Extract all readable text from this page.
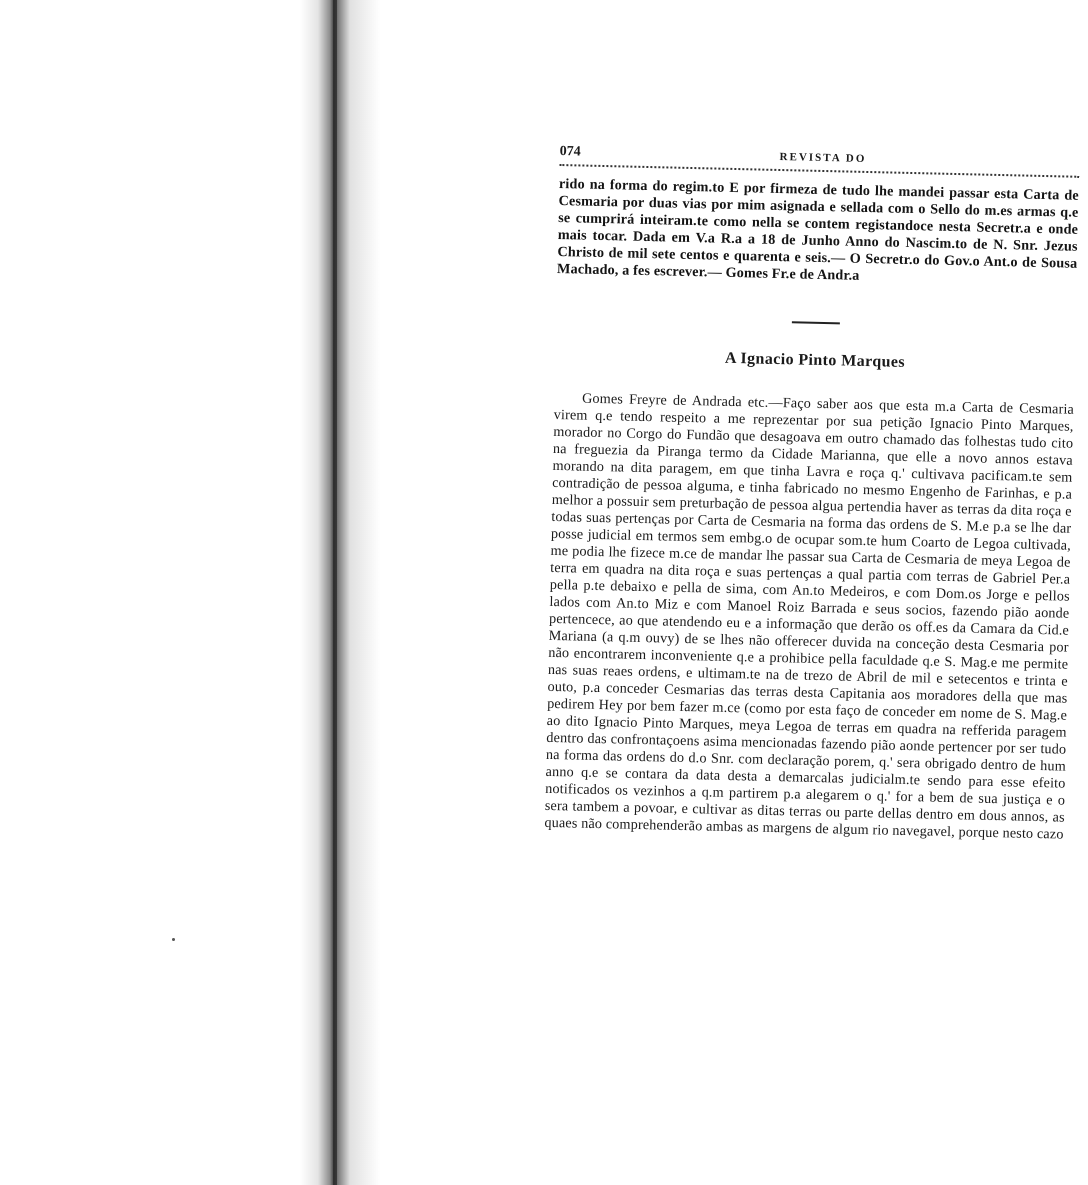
074	REVISTA DO

rido na forma do regim.to E por firmeza de tudo lhe mandei passar esta Carta de Cesmaria por duas vias por mim asignada e sellada com o Sello do m.es armas q.e se cumprirá inteiram.te como nella se contem registandoce nesta Secretr.a e onde mais tocar. Dada em V.a R.a a 18 de Junho Anno do Nascim.to de N. Snr. Jezus Christo de mil sete centos e quarenta e seis.— O Secretr.o do Gov.o Ant.o de Sousa Machado, a fes escrever.— Gomes Fr.e de Andr.a

A Ignacio Pinto Marques

Gomes Freyre de Andrada etc.—Faço saber aos que esta m.a Carta de Cesmaria virem q.e tendo respeito a me reprezentar por sua petição Ignacio Pinto Marques, morador no Corgo do Fundão que desagoava em outro chamado das folhestas tudo cito na freguezia da Piranga termo da Cidade Marianna, que elle a novo annos estava morando na dita paragem, em que tinha Lavra e roça q.' cultivava pacificam.te sem contradição de pessoa alguma, e tinha fabricado no mesmo Engenho de Farinhas, e p.a melhor a possuir sem preturbação de pessoa algua pertendia haver as terras da dita roça e todas suas pertenças por Carta de Cesmaria na forma das ordens de S. M.e p.a se lhe dar posse judicial em termos sem embg.o de ocupar som.te hum Coarto de Legoa cultivada, me podia lhe fizece m.ce de mandar lhe passar sua Carta de Cesmaria de meya Legoa de terra em quadra na dita roça e suas pertenças a qual partia com terras de Gabriel Per.a pella p.te debaixo e pella de sima, com An.to Medeiros, e com Dom.os Jorge e pellos lados com An.to Miz e com Manoel Roiz Barrada e seus socios, fazendo pião aonde pertencece, ao que atendendo eu e a informação que derão os off.es da Camara da Cid.e Mariana (a q.m ouvy) de se lhes não offerecer duvida na conceção desta Cesmaria por não encontrarem inconveniente q.e a prohibice pella faculdade q.e S. Mag.e me permite nas suas reaes ordens, e ultimam.te na de trezo de Abril de mil e setecentos e trinta e outo, p.a conceder Cesmarias das terras desta Capitania aos moradores della que mas pedirem Hey por bem fazer m.ce (como por esta faço de conceder em nome de S. Mag.e ao dito Ignacio Pinto Marques, meya Legoa de terras em quadra na refferida paragem dentro das confrontaçoens asima mencionadas fazendo pião aonde pertencer por ser tudo na forma das ordens do d.o Snr. com declaração porem, q.' sera obrigado dentro de hum anno q.e se contara da data desta a demarcalas judicialm.te sendo para esse efeito notificados os vezinhos a q.m partirem p.a alegarem o q.' for a bem de sua justiça e o sera tambem a povoar, e cultivar as ditas terras ou parte dellas dentro em dous annos, as quaes não comprehenderão ambas as margens de algum rio navegavel, porque nesto cazo
